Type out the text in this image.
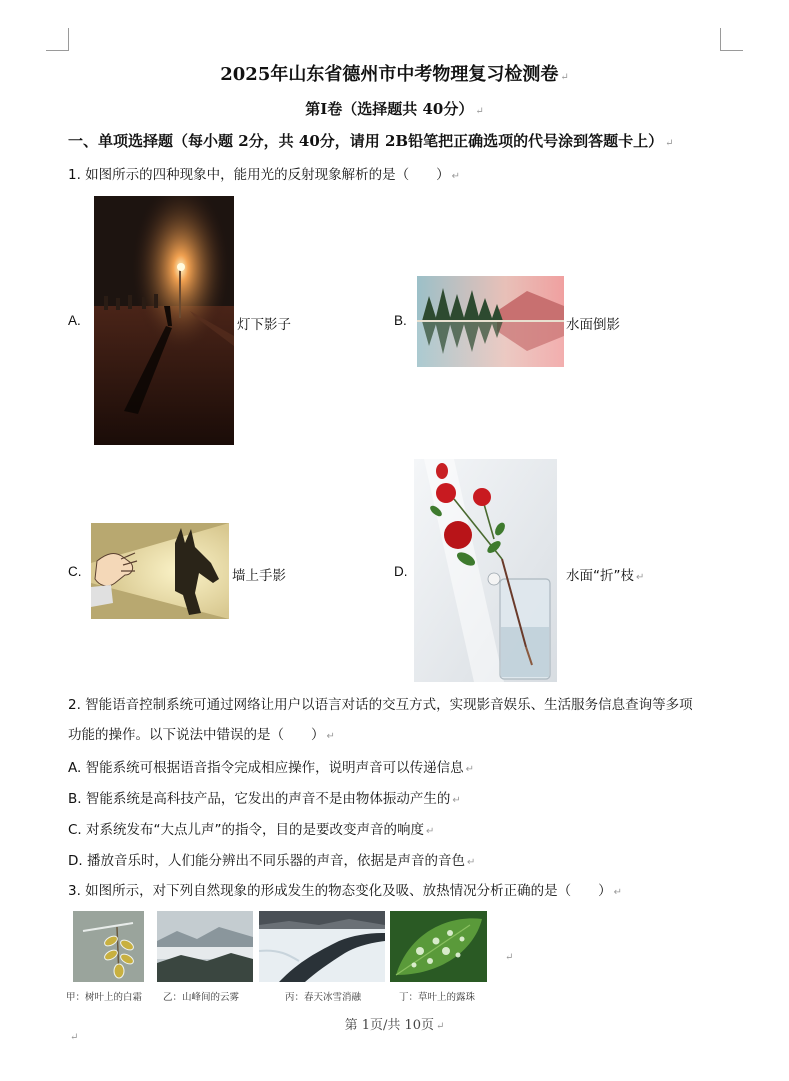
2025年山东省德州市中考物理复习检测卷 ↵
第Ⅰ卷（选择题共 40分） ↵
一、单项选择题（每小题 2分，共 40分，请用 2B铅笔把正确选项的代号涂到答题卡上） ↵
1. 如图所示的四种现象中，能用光的反射现象解析的是（　　） ↵
A.	灯下影子	B.	水面倒影
C.	墙上手影	D.	水面“折”枝 ↵
2. 智能语音控制系统可通过网络让用户以语言对话的交互方式，实现影音娱乐、生活服务信息查询等多项
功能的操作。以下说法中错误的是（　　） ↵
A. 智能系统可根据语音指令完成相应操作，说明声音可以传递信息 ↵
B. 智能系统是高科技产品，它发出的声音不是由物体振动产生的 ↵
C. 对系统发布“大点儿声”的指令，目的是要改变声音的响度 ↵
D. 播放音乐时，人们能分辨出不同乐器的声音，依据是声音的音色 ↵
3. 如图所示，对下列自然现象的形成发生的物态变化及吸、放热情况分析正确的是（　　） ↵
甲：树叶上的白霜 乙：山峰间的云雾	丙：春天冰雪消融	丁：草叶上的露珠
↵
第 1页/共 10页 ↵
↵
